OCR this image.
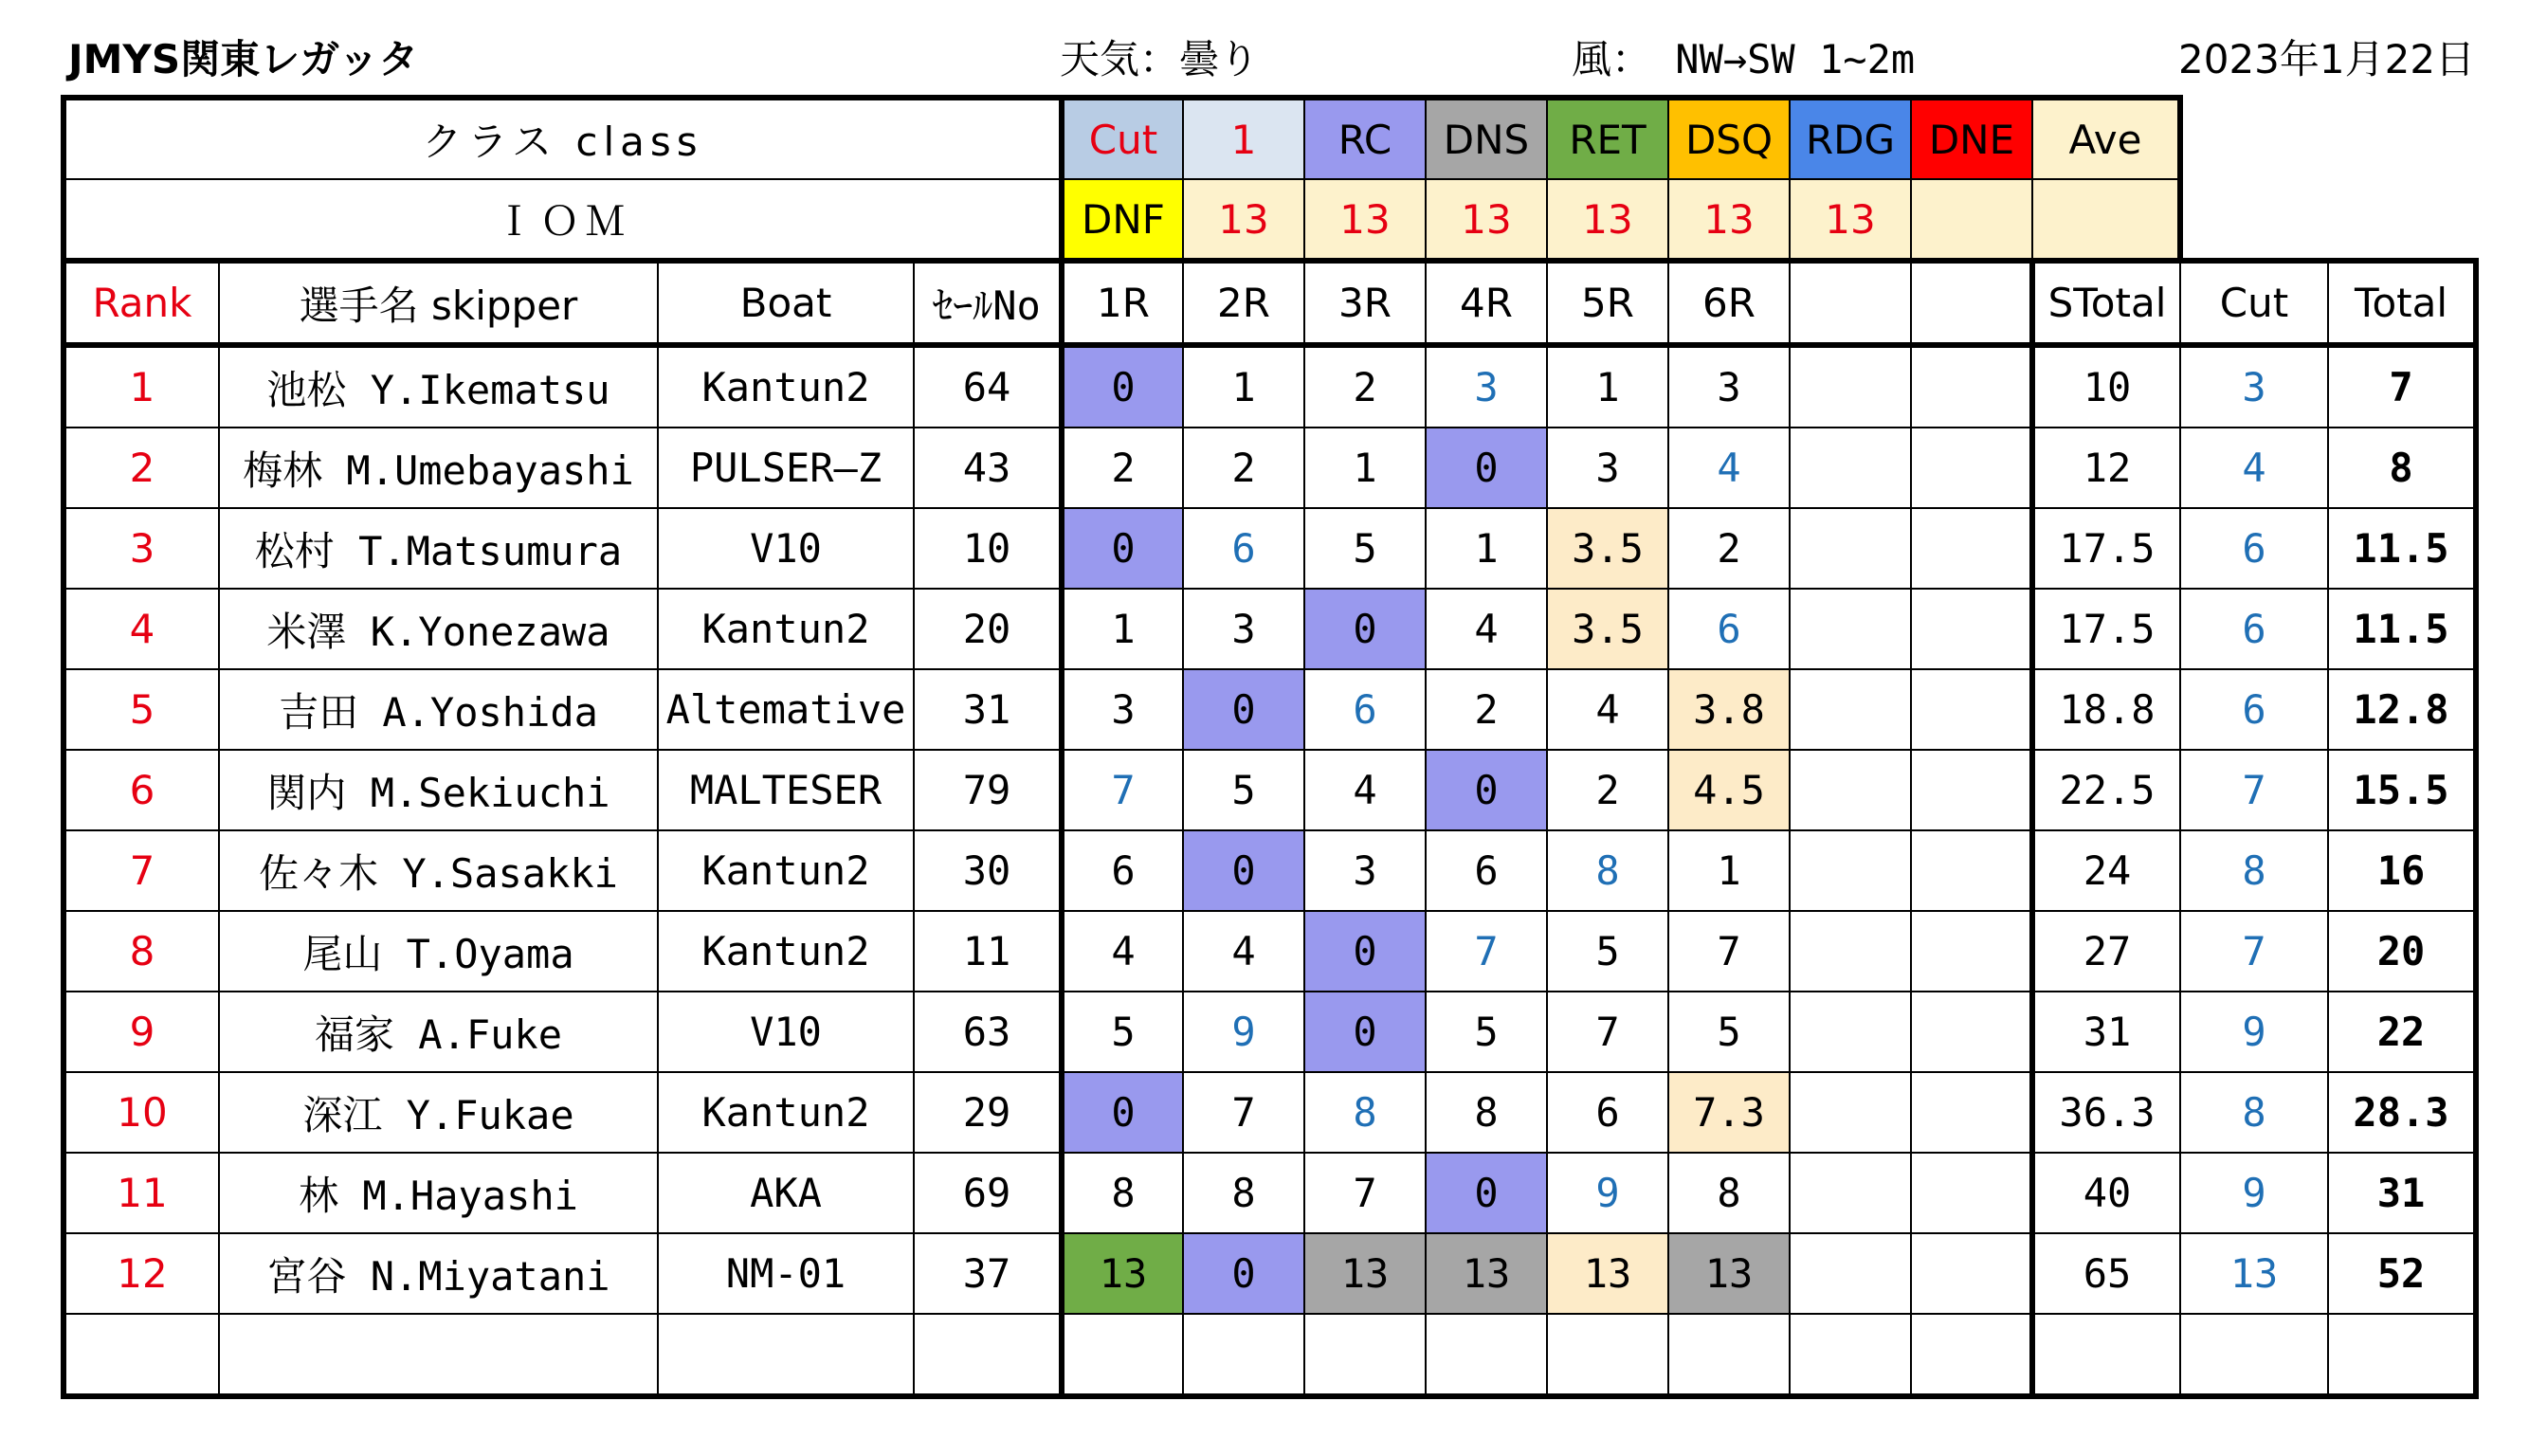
JMYS関東レガッタ	天気：曇り	風： NW→SW 1~2m	2023年1月22日
クラス class				Cut	1	RC	DNS	RET	DSQ	RDG	DNE	Ave			
ＩＯＭ				DNF	13	13	13	13	13	13					
Rank	選手名 skipper	Boat	ｾｰﾙNo	1R	2R	3R	4R	5R	6R			STotal	Cut	Total	
1	池松 Y.Ikematsu	Kantun2	64	0	1	2	3	1	3			10	3	7	
2	梅林 M.Umebayashi	PULSER―Z	43	2	2	1	0	3	4			12	4	8	
3	松村 T.Matsumura	V10	10	0	6	5	1	3.5	2			17.5	6	11.5	
4	米澤 K.Yonezawa	Kantun2	20	1	3	0	4	3.5	6			17.5	6	11.5	
5	吉田 A.Yoshida	Altemative	31	3	0	6	2	4	3.8			18.8	6	12.8	
6	関内 M.Sekiuchi	MALTESER	79	7	5	4	0	2	4.5			22.5	7	15.5	
7	佐々木 Y.Sasakki	Kantun2	30	6	0	3	6	8	1			24	8	16	
8	尾山 T.Oyama	Kantun2	11	4	4	0	7	5	7			27	7	20	
9	福家 A.Fuke	V10	63	5	9	0	5	7	5			31	9	22	
10	深江 Y.Fukae	Kantun2	29	0	7	8	8	6	7.3			36.3	8	28.3	
11	林 M.Hayashi	AKA	69	8	8	7	0	9	8			40	9	31	
12	宮谷 N.Miyatani	NM-01	37	13	0	13	13	13	13			65	13	52	
